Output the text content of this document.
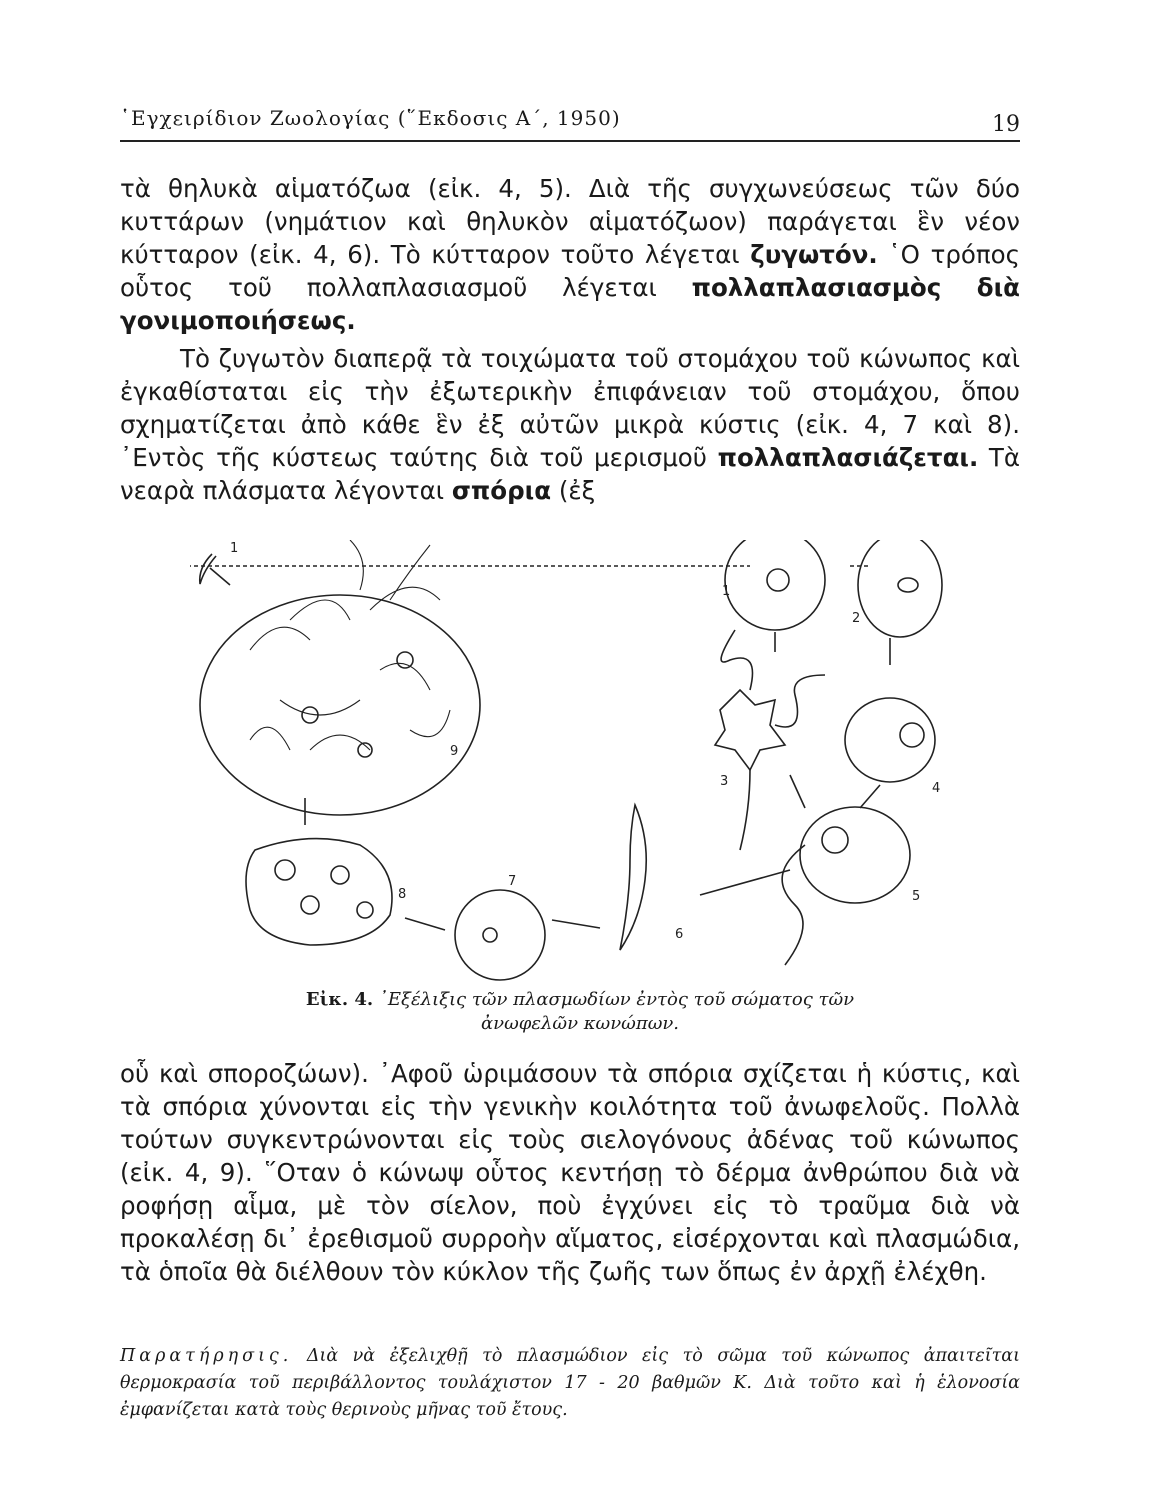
῾Εγχειρίδιον Ζωολογίας (῞Εκδοσις Α΄, 1950)	19

τὰ θηλυκὰ αἱματόζωα (εἰκ. 4, 5). Διὰ τῆς συγχωνεύσεως τῶν δύο κυττάρων (νημάτιον καὶ θηλυκὸν αἱματόζωον) παράγεται ἓν νέον κύτταρον (εἰκ. 4, 6). Τὸ κύτταρον τοῦτο λέγεται ζυγωτόν. ῾Ο τρόπος οὗτος τοῦ πολλαπλασιασμοῦ λέγεται πολλαπλασιασμὸς διὰ γονιμοποιήσεως.

Τὸ ζυγωτὸν διαπερᾷ τὰ τοιχώματα τοῦ στομάχου τοῦ κώνωπος καὶ ἐγκαθίσταται εἰς τὴν ἐξωτερικὴν ἐπιφάνειαν τοῦ στομάχου, ὅπου σχηματίζεται ἀπὸ κάθε ἓν ἐξ αὐτῶν μικρὰ κύστις (εἰκ. 4, 7 καὶ 8). ᾿Εντὸς τῆς κύστεως ταύτης διὰ τοῦ μερισμοῦ πολλαπλασιάζεται. Τὰ νεαρὰ πλάσματα λέγονται σπόρια (ἐξ

1
1
2
3	4
5
6
7
8
9
Εἰκ. 4. ᾿Εξέλιξις τῶν πλασμωδίων ἐντὸς τοῦ σώματος τῶν ἀνωφελῶν κωνώπων.

οὗ καὶ σποροζώων). ᾿Αφοῦ ὡριμάσουν τὰ σπόρια σχίζεται ἡ κύστις, καὶ τὰ σπόρια χύνονται εἰς τὴν γενικὴν κοιλότητα τοῦ ἀνωφελοῦς. Πολλὰ τούτων συγκεντρώνονται εἰς τοὺς σιελογόνους ἀδένας τοῦ κώνωπος (εἰκ. 4, 9). ῞Οταν ὁ κώνωψ οὗτος κεντήσῃ τὸ δέρμα ἀνθρώπου διὰ νὰ ροφήσῃ αἷμα, μὲ τὸν σίελον, ποὺ ἐγχύνει εἰς τὸ τραῦμα διὰ νὰ προκαλέσῃ δι᾿ ἐρεθισμοῦ συρροὴν αἵματος, εἰσέρχονται καὶ πλασμώδια, τὰ ὁποῖα θὰ διέλθουν τὸν κύκλον τῆς ζωῆς των ὅπως ἐν ἀρχῇ ἐλέχθη.

Παρατήρησις. Διὰ νὰ ἐξελιχθῇ τὸ πλασμώδιον εἰς τὸ σῶμα τοῦ κώνωπος ἀπαιτεῖται θερμοκρασία τοῦ περιβάλλοντος τουλάχιστον 17 - 20 βαθμῶν Κ. Διὰ τοῦτο καὶ ἡ ἑλονοσία ἐμφανίζεται κατὰ τοὺς θερινοὺς μῆνας τοῦ ἔτους.
